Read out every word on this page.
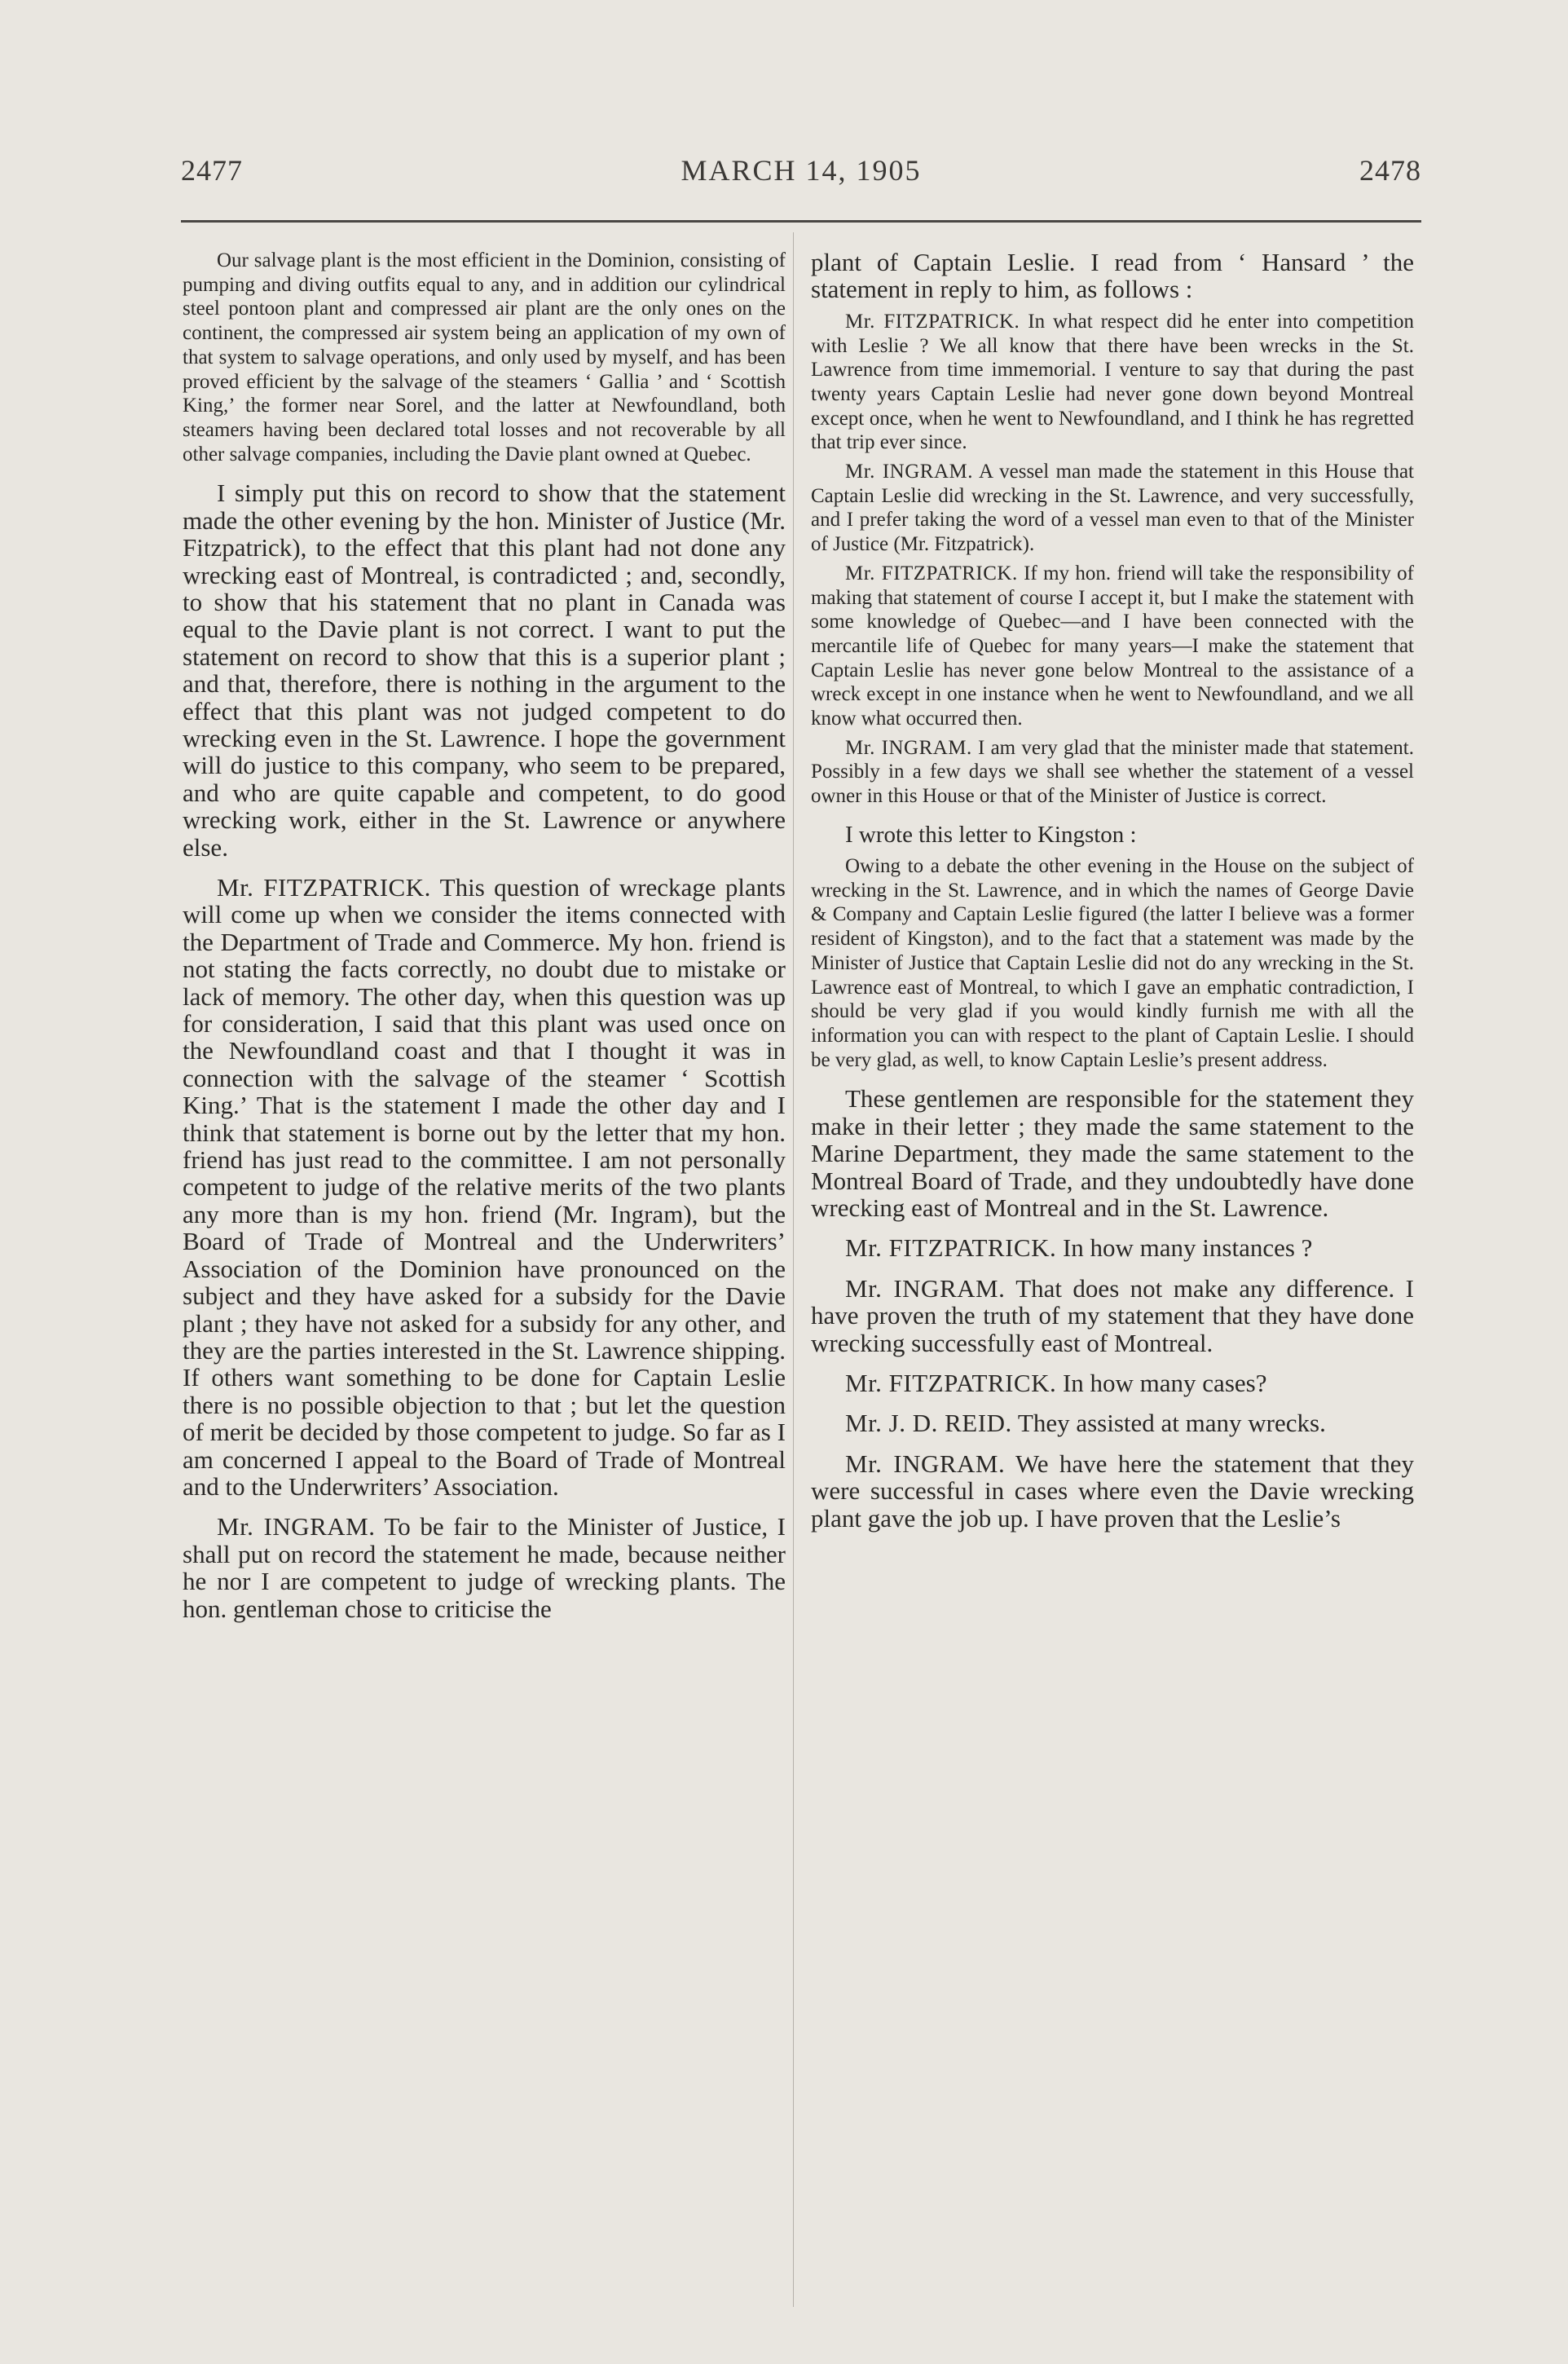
2477	MARCH 14, 1905	2478

Our salvage plant is the most efficient in the Dominion, consisting of pumping and diving outfits equal to any, and in addition our cylindrical steel pontoon plant and compressed air plant are the only ones on the continent, the compressed air system being an application of my own of that system to salvage operations, and only used by myself, and has been proved efficient by the salvage of the steamers ‘ Gallia ’ and ‘ Scottish King,’ the former near Sorel, and the latter at Newfoundland, both steamers having been declared total losses and not recoverable by all other salvage companies, including the Davie plant owned at Quebec.

I simply put this on record to show that the statement made the other evening by the hon. Minister of Justice (Mr. Fitzpatrick), to the effect that this plant had not done any wrecking east of Montreal, is contradicted ; and, secondly, to show that his statement that no plant in Canada was equal to the Davie plant is not correct. I want to put the statement on record to show that this is a superior plant ; and that, therefore, there is nothing in the argument to the effect that this plant was not judged competent to do wrecking even in the St. Lawrence. I hope the government will do justice to this company, who seem to be prepared, and who are quite capable and competent, to do good wrecking work, either in the St. Lawrence or anywhere else.

Mr. FITZPATRICK. This question of wreckage plants will come up when we consider the items connected with the Department of Trade and Commerce. My hon. friend is not stating the facts correctly, no doubt due to mistake or lack of memory. The other day, when this question was up for consideration, I said that this plant was used once on the Newfoundland coast and that I thought it was in connection with the salvage of the steamer ‘ Scottish King.’ That is the statement I made the other day and I think that statement is borne out by the letter that my hon. friend has just read to the committee. I am not personally competent to judge of the relative merits of the two plants any more than is my hon. friend (Mr. Ingram), but the Board of Trade of Montreal and the Underwriters’ Association of the Dominion have pronounced on the subject and they have asked for a subsidy for the Davie plant ; they have not asked for a subsidy for any other, and they are the parties interested in the St. Lawrence shipping. If others want something to be done for Captain Leslie there is no possible objection to that ; but let the question of merit be decided by those competent to judge. So far as I am concerned I appeal to the Board of Trade of Montreal and to the Underwriters’ Association.

Mr. INGRAM. To be fair to the Minister of Justice, I shall put on record the statement he made, because neither he nor I are competent to judge of wrecking plants. The hon. gentleman chose to criticise the

plant of Captain Leslie. I read from ‘ Hansard ’ the statement in reply to him, as follows :

Mr. FITZPATRICK. In what respect did he enter into competition with Leslie ? We all know that there have been wrecks in the St. Lawrence from time immemorial. I venture to say that during the past twenty years Captain Leslie had never gone down beyond Montreal except once, when he went to Newfoundland, and I think he has regretted that trip ever since.

Mr. INGRAM. A vessel man made the statement in this House that Captain Leslie did wrecking in the St. Lawrence, and very successfully, and I prefer taking the word of a vessel man even to that of the Minister of Justice (Mr. Fitzpatrick).

Mr. FITZPATRICK. If my hon. friend will take the responsibility of making that statement of course I accept it, but I make the statement with some knowledge of Quebec—and I have been connected with the mercantile life of Quebec for many years—I make the statement that Captain Leslie has never gone below Montreal to the assistance of a wreck except in one instance when he went to Newfoundland, and we all know what occurred then.

Mr. INGRAM. I am very glad that the minister made that statement. Possibly in a few days we shall see whether the statement of a vessel owner in this House or that of the Minister of Justice is correct.

I wrote this letter to Kingston :

Owing to a debate the other evening in the House on the subject of wrecking in the St. Lawrence, and in which the names of George Davie & Company and Captain Leslie figured (the latter I believe was a former resident of Kingston), and to the fact that a statement was made by the Minister of Justice that Captain Leslie did not do any wrecking in the St. Lawrence east of Montreal, to which I gave an emphatic contradiction, I should be very glad if you would kindly furnish me with all the information you can with respect to the plant of Captain Leslie. I should be very glad, as well, to know Captain Leslie’s present address.

These gentlemen are responsible for the statement they make in their letter ; they made the same statement to the Marine Department, they made the same statement to the Montreal Board of Trade, and they undoubtedly have done wrecking east of Montreal and in the St. Lawrence.

Mr. FITZPATRICK. In how many instances ?

Mr. INGRAM. That does not make any difference. I have proven the truth of my statement that they have done wrecking successfully east of Montreal.

Mr. FITZPATRICK. In how many cases?

Mr. J. D. REID. They assisted at many wrecks.

Mr. INGRAM. We have here the statement that they were successful in cases where even the Davie wrecking plant gave the job up. I have proven that the Leslie’s
